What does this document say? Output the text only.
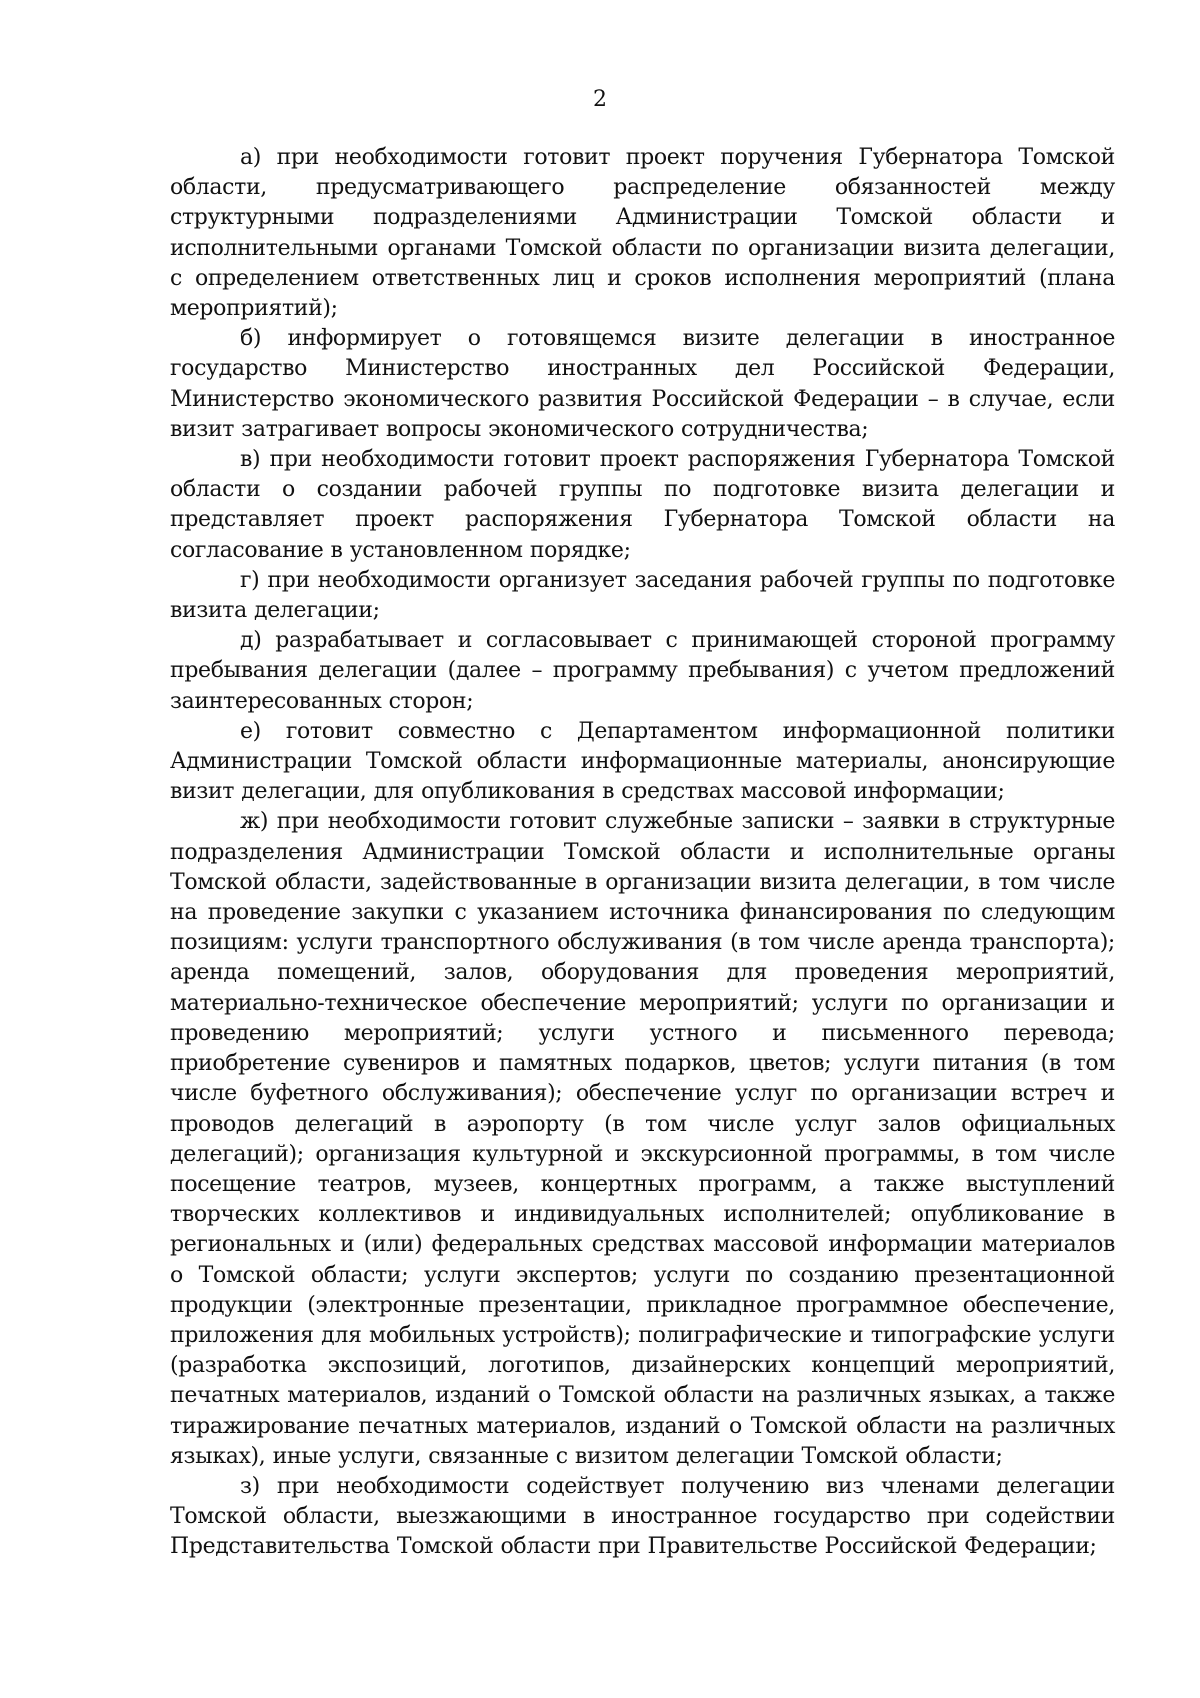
2

а) при необходимости готовит проект поручения Губернатора Томской области, предусматривающего распределение обязанностей между структурными подразделениями Администрации Томской области и исполнительными органами Томской области по организации визита делегации, с определением ответственных лиц и сроков исполнения мероприятий (плана мероприятий);

б) информирует о готовящемся визите делегации в иностранное государство Министерство иностранных дел Российской Федерации, Министерство экономического развития Российской Федерации – в случае, если визит затрагивает вопросы экономического сотрудничества;

в) при необходимости готовит проект распоряжения Губернатора Томской области о создании рабочей группы по подготовке визита делегации и представляет проект распоряжения Губернатора Томской области на согласование в установленном порядке;

г) при необходимости организует заседания рабочей группы по подготовке визита делегации;

д) разрабатывает и согласовывает с принимающей стороной программу пребывания делегации (далее – программу пребывания) с учетом предложений заинтересованных сторон;

е) готовит совместно с Департаментом информационной политики Администрации Томской области информационные материалы, анонсирующие визит делегации, для опубликования в средствах массовой информации;

ж) при необходимости готовит служебные записки – заявки в структурные подразделения Администрации Томской области и исполнительные органы Томской области, задействованные в организации визита делегации, в том числе на проведение закупки с указанием источника финансирования по следующим позициям: услуги транспортного обслуживания (в том числе аренда транспорта); аренда помещений, залов, оборудования для проведения мероприятий, материально-техническое обеспечение мероприятий; услуги по организации и проведению мероприятий; услуги устного и письменного перевода; приобретение сувениров и памятных подарков, цветов; услуги питания (в том числе буфетного обслуживания); обеспечение услуг по организации встреч и проводов делегаций в аэропорту (в том числе услуг залов официальных делегаций); организация культурной и экскурсионной программы, в том числе посещение театров, музеев, концертных программ, а также выступлений творческих коллективов и индивидуальных исполнителей; опубликование в региональных и (или) федеральных средствах массовой информации материалов о Томской области; услуги экспертов; услуги по созданию презентационной продукции (электронные презентации, прикладное программное обеспечение, приложения для мобильных устройств); полиграфические и типографские услуги (разработка экспозиций, логотипов, дизайнерских концепций мероприятий, печатных материалов, изданий о Томской области на различных языках, а также тиражирование печатных материалов, изданий о Томской области на различных языках), иные услуги, связанные с визитом делегации Томской области;

з) при необходимости содействует получению виз членами делегации Томской области, выезжающими в иностранное государство при содействии Представительства Томской области при Правительстве Российской Федерации;
